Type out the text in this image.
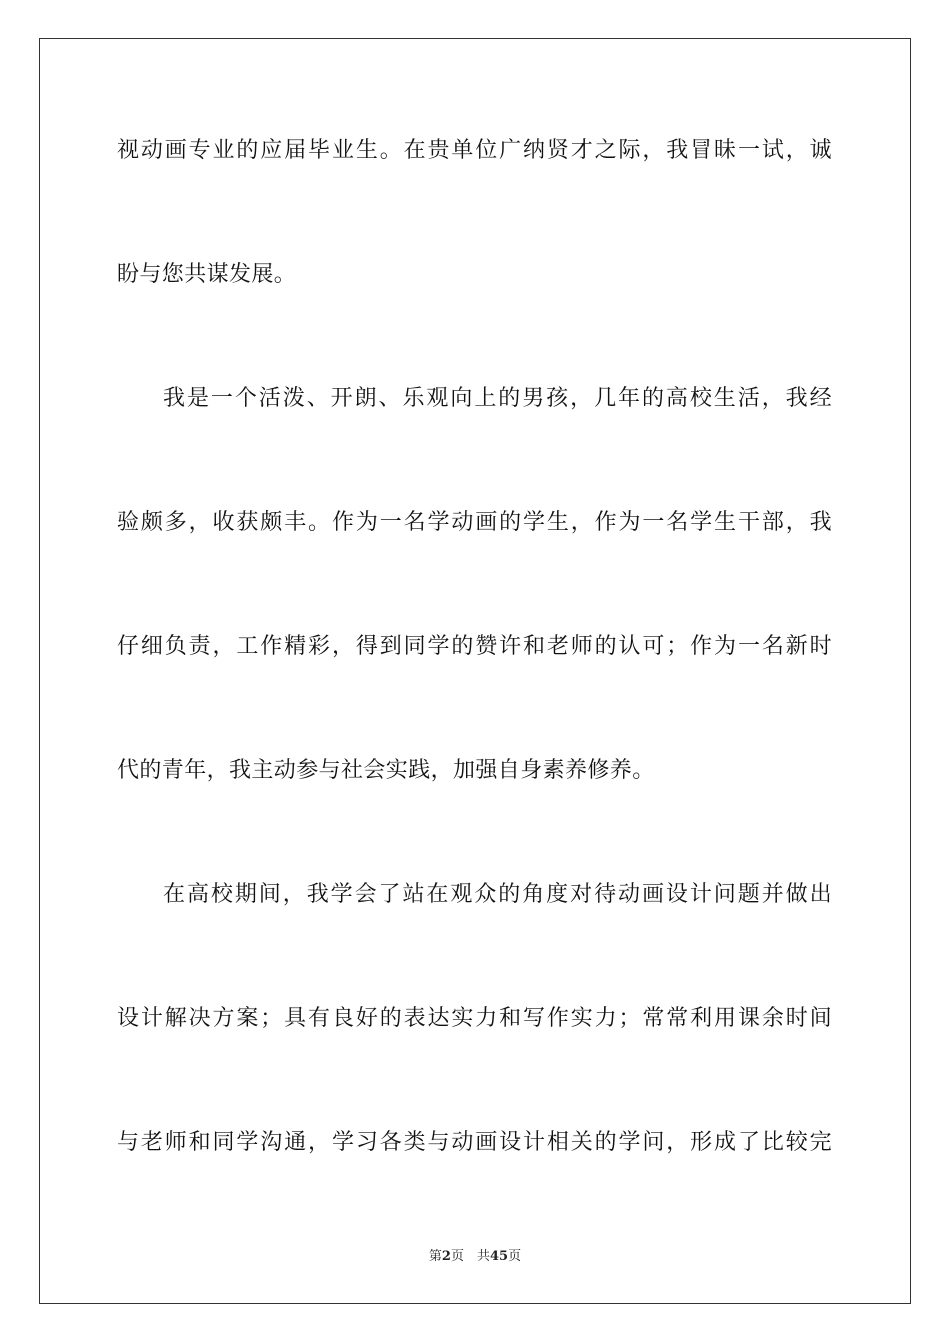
视动画专业的应届毕业生。在贵单位广纳贤才之际，我冒昧一试，诚
盼与您共谋发展。
我是一个活泼、开朗、乐观向上的男孩，几年的高校生活，我经
验颇多，收获颇丰。作为一名学动画的学生，作为一名学生干部，我
仔细负责，工作精彩，得到同学的赞许和老师的认可；作为一名新时
代的青年，我主动参与社会实践，加强自身素养修养。
在高校期间，我学会了站在观众的角度对待动画设计问题并做出
设计解决方案；具有良好的表达实力和写作实力；常常利用课余时间
与老师和同学沟通，学习各类与动画设计相关的学问，形成了比较完
第2页　 共45页
